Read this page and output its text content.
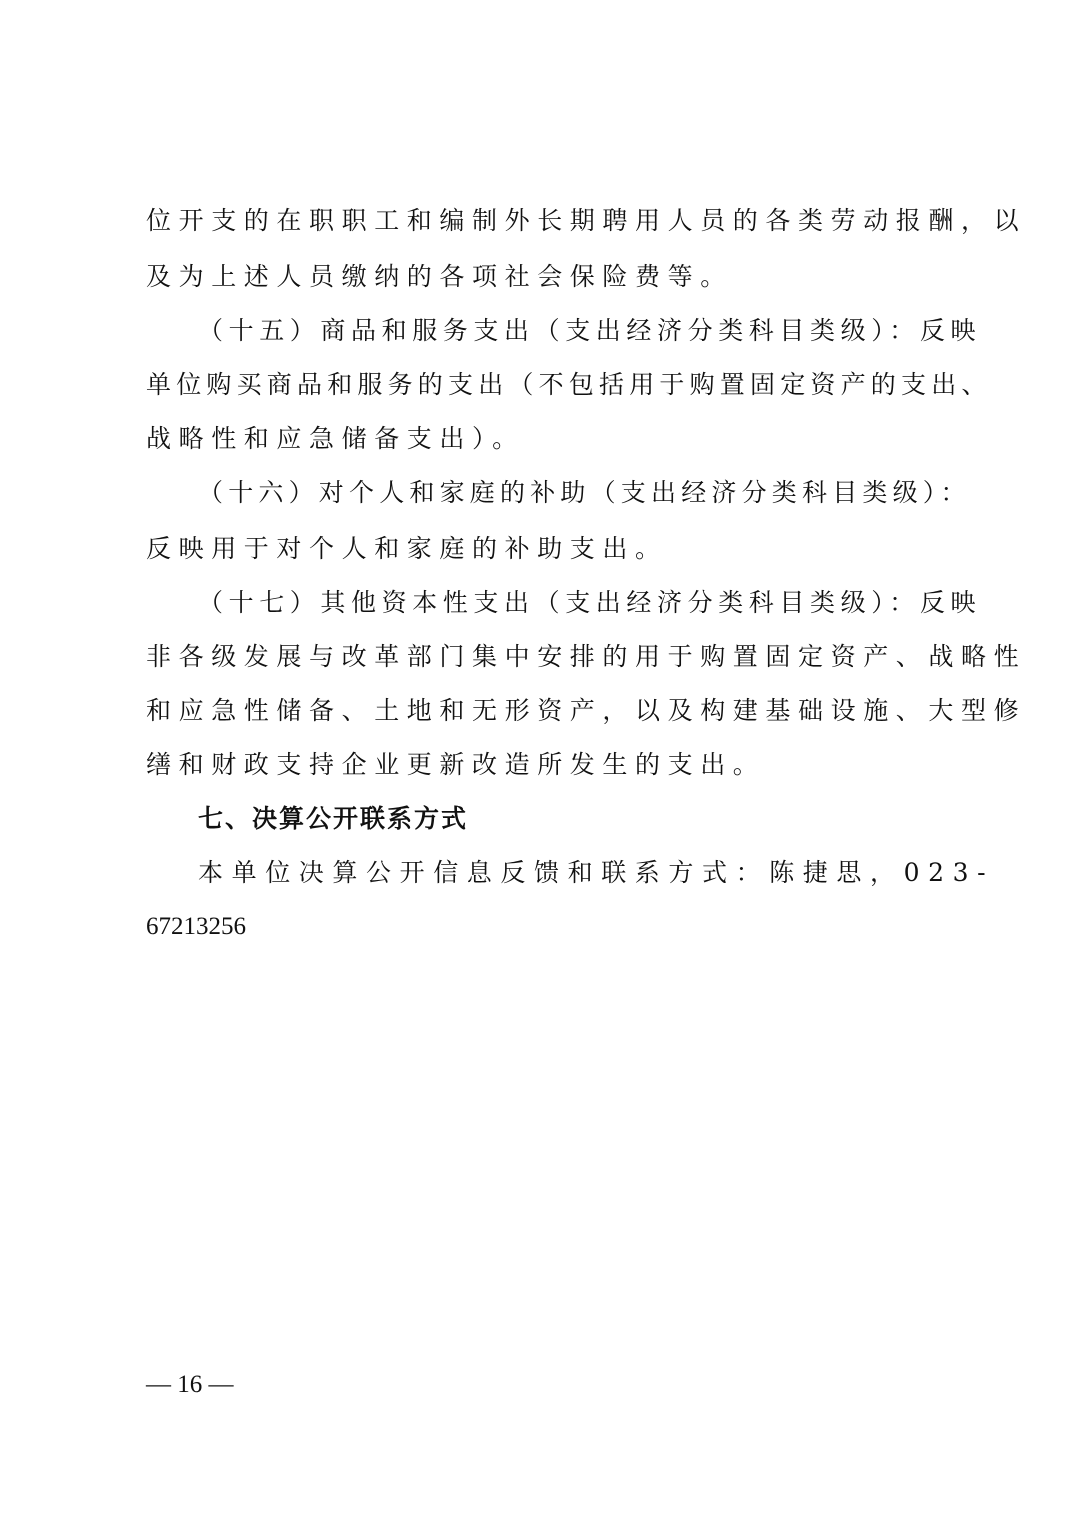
位开支的在职职工和编制外长期聘用人员的各类劳动报酬，以
及为上述人员缴纳的各项社会保险费等。
（十五）商品和服务支出（支出经济分类科目类级）：反映
单位购买商品和服务的支出（不包括用于购置固定资产的支出、
战略性和应急储备支出）。
（十六）对个人和家庭的补助（支出经济分类科目类级）：
反映用于对个人和家庭的补助支出。
（十七）其他资本性支出（支出经济分类科目类级）：反映
非各级发展与改革部门集中安排的用于购置固定资产、战略性
和应急性储备、土地和无形资产，以及构建基础设施、大型修
缮和财政支持企业更新改造所发生的支出。
七、决算公开联系方式
本单位决算公开信息反馈和联系方式：陈捷思，023-
67213256
— 16 —
